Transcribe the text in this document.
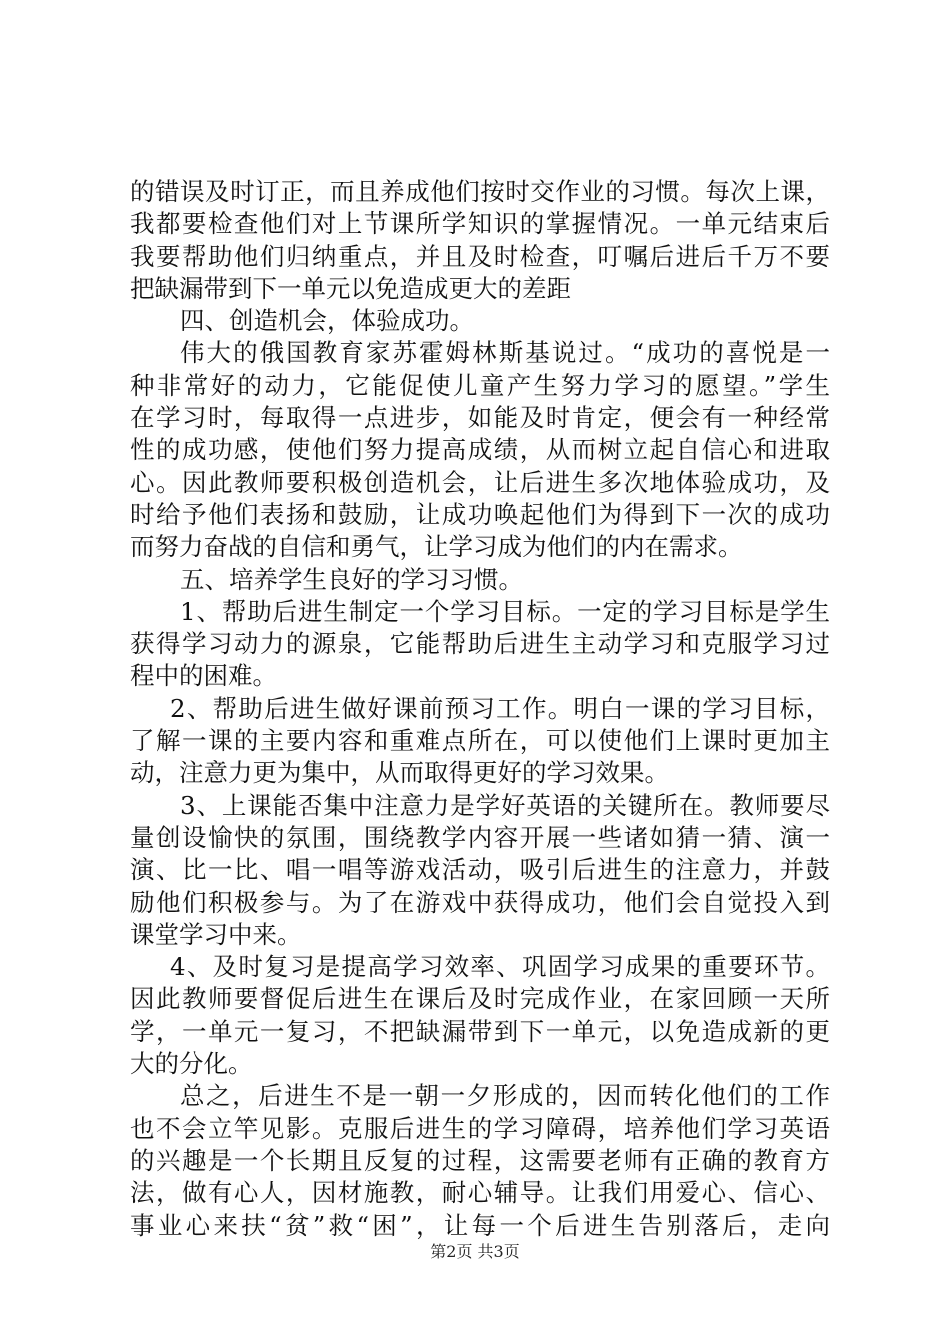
的错误及时订正，而且养成他们按时交作业的习惯。每次上课，
我都要检查他们对上节课所学知识的掌握情况。一单元结束后
我要帮助他们归纳重点，并且及时检查，叮嘱后进后千万不要
把缺漏带到下一单元以免造成更大的差距
四、创造机会，体验成功。
伟大的俄国教育家苏霍姆林斯基说过。“成功的喜悦是一
种非常好的动力，它能促使儿童产生努力学习的愿望。”学生
在学习时，每取得一点进步，如能及时肯定，便会有一种经常
性的成功感，使他们努力提高成绩，从而树立起自信心和进取
心。因此教师要积极创造机会，让后进生多次地体验成功，及
时给予他们表扬和鼓励，让成功唤起他们为得到下一次的成功
而努力奋战的自信和勇气，让学习成为他们的内在需求。
五、培养学生良好的学习习惯。
1、帮助后进生制定一个学习目标。一定的学习目标是学生
获得学习动力的源泉，它能帮助后进生主动学习和克服学习过
程中的困难。
2、帮助后进生做好课前预习工作。明白一课的学习目标，
了解一课的主要内容和重难点所在，可以使他们上课时更加主
动，注意力更为集中，从而取得更好的学习效果。
3、上课能否集中注意力是学好英语的关键所在。教师要尽
量创设愉快的氛围，围绕教学内容开展一些诸如猜一猜、演一
演、比一比、唱一唱等游戏活动，吸引后进生的注意力，并鼓
励他们积极参与。为了在游戏中获得成功，他们会自觉投入到
课堂学习中来。
4、及时复习是提高学习效率、巩固学习成果的重要环节。
因此教师要督促后进生在课后及时完成作业，在家回顾一天所
学，一单元一复习，不把缺漏带到下一单元，以免造成新的更
大的分化。
总之，后进生不是一朝一夕形成的，因而转化他们的工作
也不会立竿见影。克服后进生的学习障碍，培养他们学习英语
的兴趣是一个长期且反复的过程，这需要老师有正确的教育方
法，做有心人，因材施教，耐心辅导。让我们用爱心、信心、
事业心来扶“贫”救“困”，让每一个后进生告别落后，走向
第2页 共3页
